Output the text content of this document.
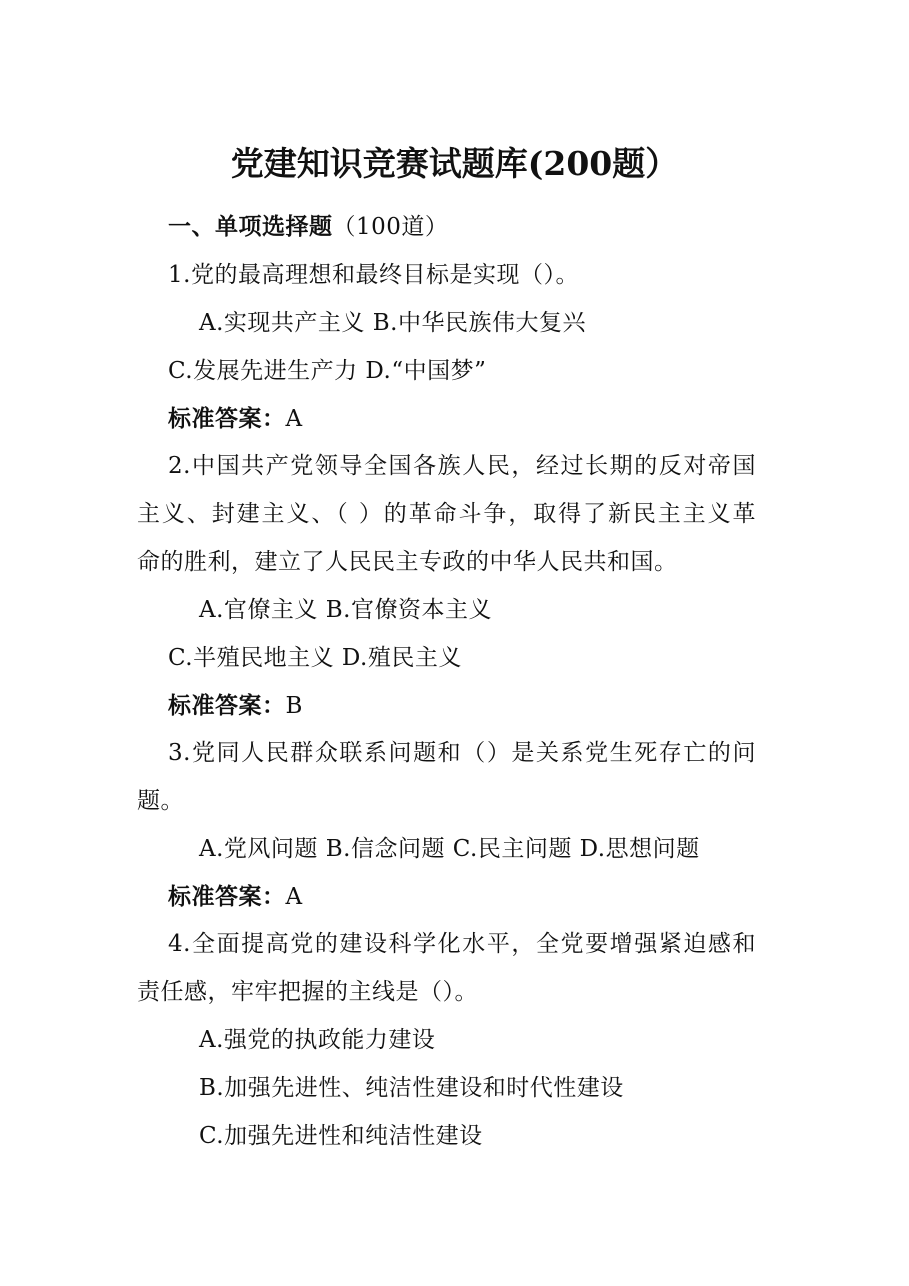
党建知识竞赛试题库(200题）
一、单项选择题（100道）
1.党的最高理想和最终目标是实现（）。
A.实现共产主义 B.中华民族伟大复兴
C.发展先进生产力 D.“中国梦”
标准答案：A
2.中国共产党领导全国各族人民，经过长期的反对帝国
主义、封建主义、（ ）的革命斗争，取得了新民主主义革
命的胜利，建立了人民民主专政的中华人民共和国。
A.官僚主义 B.官僚资本主义
C.半殖民地主义 D.殖民主义
标准答案：B
3.党同人民群众联系问题和（）是关系党生死存亡的问
题。
A.党风问题 B.信念问题 C.民主问题 D.思想问题
标准答案：A
4.全面提高党的建设科学化水平，全党要增强紧迫感和
责任感，牢牢把握的主线是（）。
A.强党的执政能力建设
B.加强先进性、纯洁性建设和时代性建设
C.加强先进性和纯洁性建设
